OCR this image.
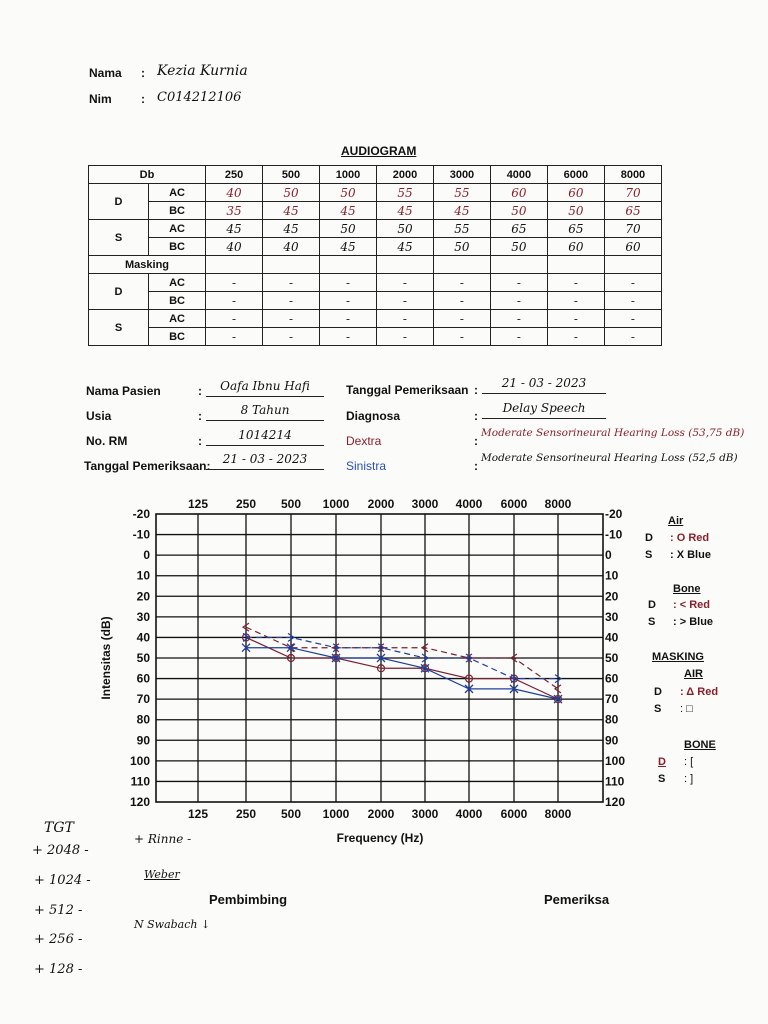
Nama : Kezia Kurnia
Nim : C014212106
AUDIOGRAM
Db		250	500	1000	2000	3000	4000	6000	8000
D	AC	40	50	50	55	55	60	60	70
	BC	35	45	45	45	45	50	50	65
S	AC	45	45	50	50	55	65	65	70
	BC	40	40	45	45	50	50	60	60
Masking									
D	AC	-	-	-	-	-	-	-	-
	BC	-	-	-	-	-	-	-	-
S	AC	-	-	-	-	-	-	-	-
	BC	-	-	-	-	-	-	-	-
Nama Pasien	:	Oafa Ibnu Hafi
Usia	:	8 Tahun
No. RM	:	1014214
Tanggal Pemeriksaan:	21 - 03 - 2023
Tanggal Pemeriksaan :	21 - 03 - 2023
Diagnosa	:
Delay Speech
Dextra	:
Moderate Sensorineural Hearing Loss (53,75 dB)
Sinistra	:
Moderate Sensorineural Hearing Loss (52,5 dB)
-20	-20
-10	-10
0	0
10	10
20	20
30	30
40	40
50	50
60	60
70	70
80	80
90	90
100	100
110	110
120	120
125
125
250
250
500
500
1000
1000
2000
2000
3000
3000
4000
4000
6000
6000
8000
8000
Frequency (Hz)
Intensitas (dB)
Air
D : O Red
S : X Blue
Bone
D : < Red
S : > Blue
MASKING
AIR
D : Δ Red
S : □
BONE
D : [
S : ]
TGT
+ 2048 -
+ 1024 -
+ 512 -
+ 256 -
+ 128 -
+ Rinne -
Weber
N Swabach ↓
Pembimbing	Pemeriksa
